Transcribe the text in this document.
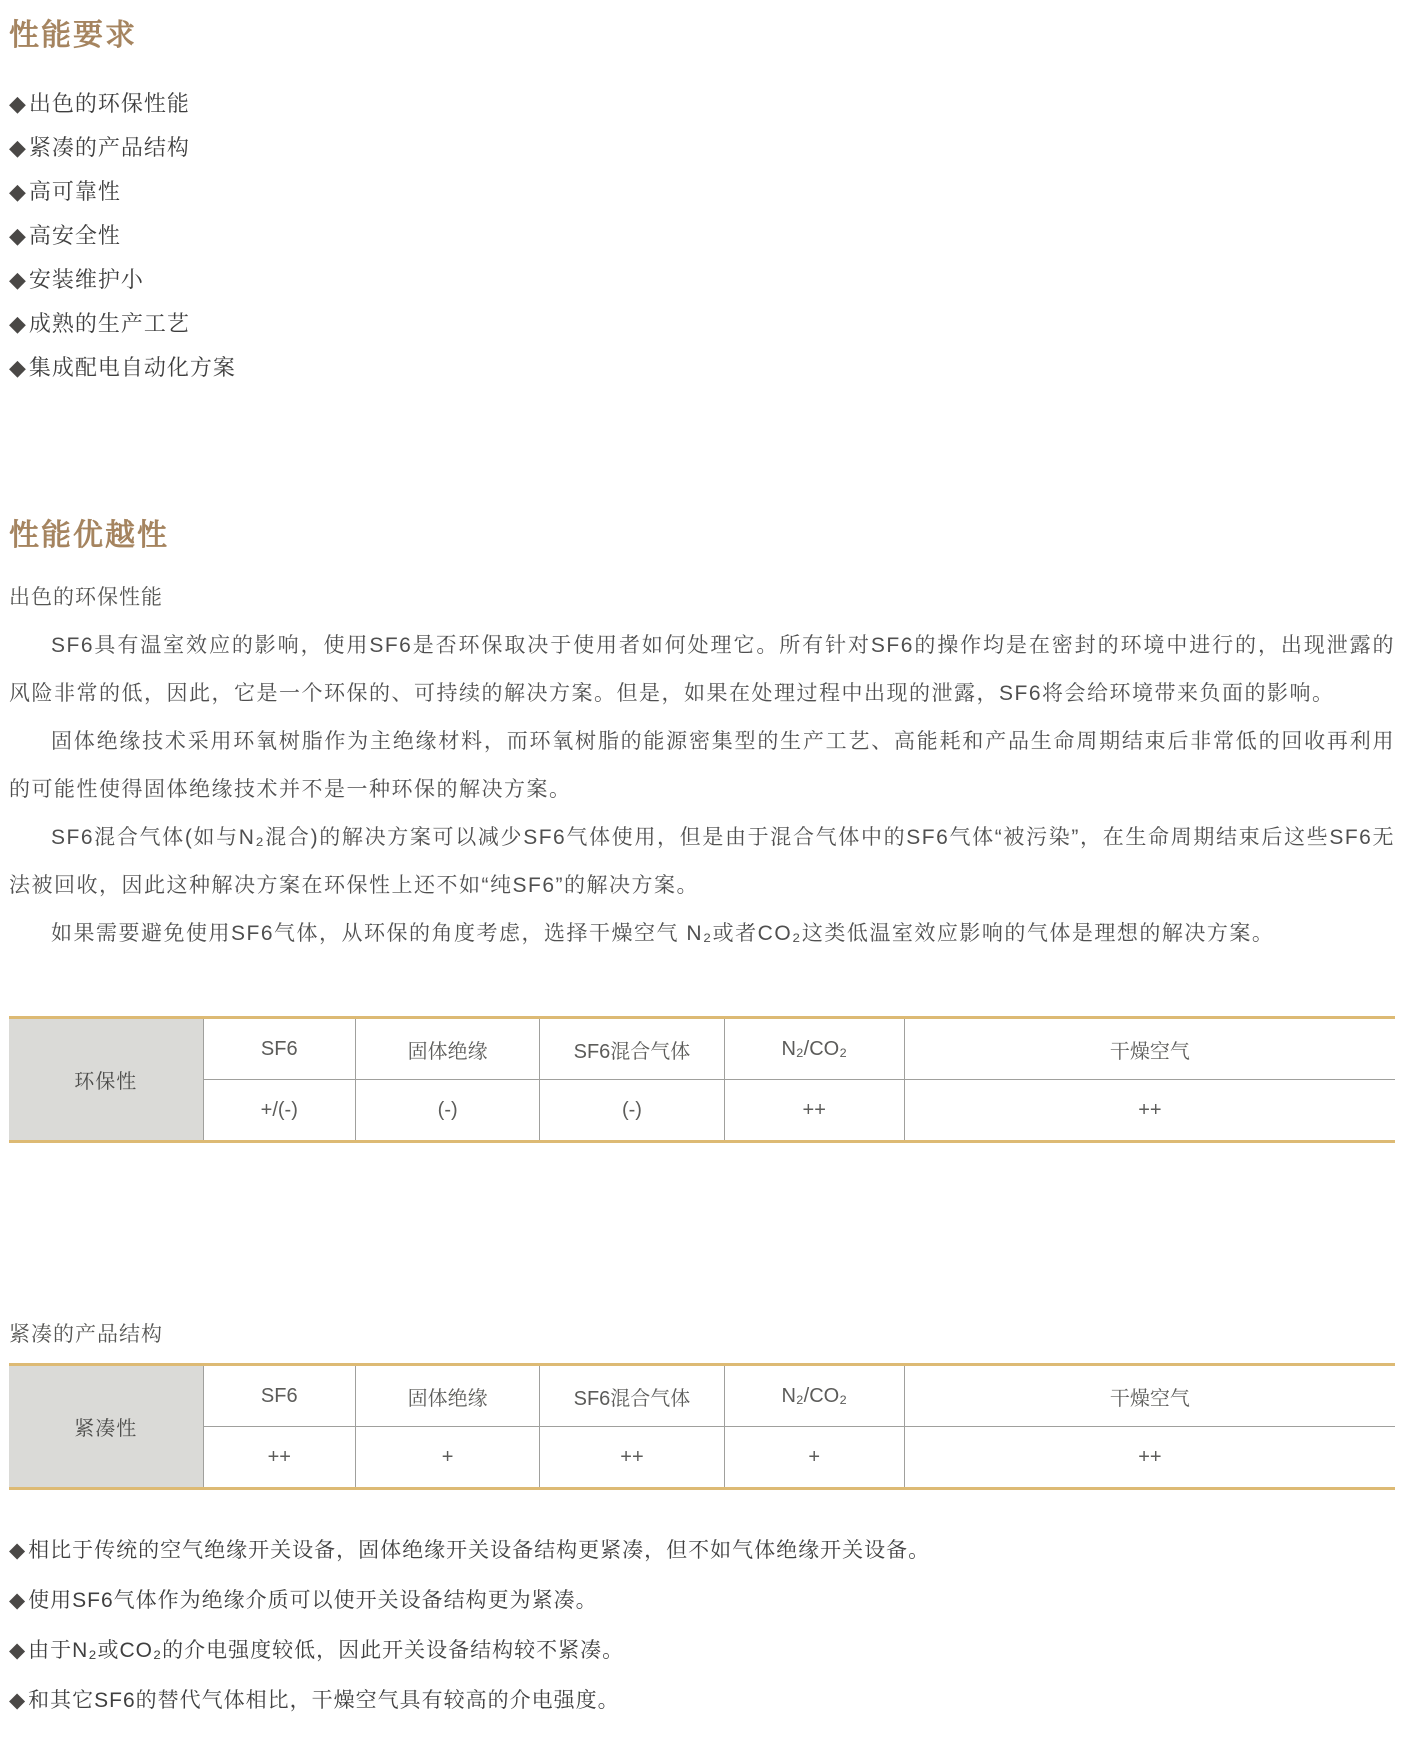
性能要求
◆出色的环保性能
◆紧凑的产品结构
◆高可靠性
◆高安全性
◆安装维护小
◆成熟的生产工艺
◆集成配电自动化方案
性能优越性
出色的环保性能

SF6具有温室效应的影响，使用SF6是否环保取决于使用者如何处理它。所有针对SF6的操作均是在密封的环境中进行的，出现泄露的风险非常的低，因此，它是一个环保的、可持续的解决方案。但是，如果在处理过程中出现的泄露，SF6将会给环境带来负面的影响。

固体绝缘技术采用环氧树脂作为主绝缘材料，而环氧树脂的能源密集型的生产工艺、高能耗和产品生命周期结束后非常低的回收再利用的可能性使得固体绝缘技术并不是一种环保的解决方案。

SF6混合气体(如与N₂混合)的解决方案可以减少SF6气体使用，但是由于混合气体中的SF6气体“被污染”，在生命周期结束后这些SF6无法被回收，因此这种解决方案在环保性上还不如“纯SF6”的解决方案。

如果需要避免使用SF6气体，从环保的角度考虑，选择干燥空气 N₂或者CO₂这类低温室效应影响的气体是理想的解决方案。

环保性	SF6	固体绝缘	SF6混合气体	N₂/CO₂	干燥空气
	+/(-)	(-)	(-)	++	++
紧凑的产品结构
紧凑性	SF6	固体绝缘	SF6混合气体	N₂/CO₂	干燥空气
	++	+	++	+	++
◆相比于传统的空气绝缘开关设备，固体绝缘开关设备结构更紧凑，但不如气体绝缘开关设备。
◆使用SF6气体作为绝缘介质可以使开关设备结构更为紧凑。
◆由于N₂或CO₂的介电强度较低，因此开关设备结构较不紧凑。
◆和其它SF6的替代气体相比，干燥空气具有较高的介电强度。
